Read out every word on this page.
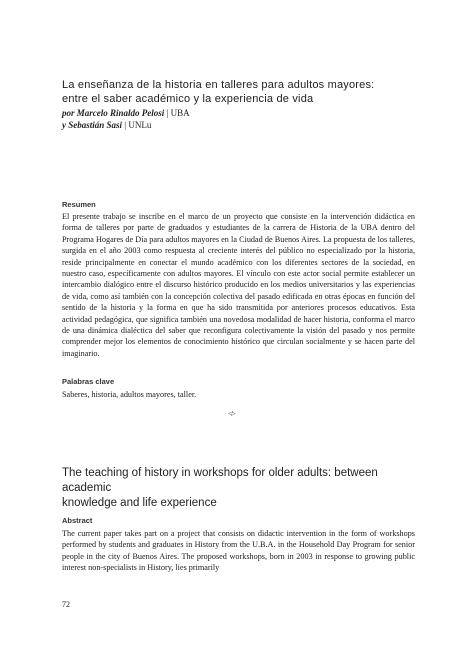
La enseñanza de la historia en talleres para adultos mayores:
entre el saber académico y la experiencia de vida
por Marcelo Rinaldo Pelosi | UBA
y Sebastián Sasi | UNLu
Resumen
El presente trabajo se inscribe en el marco de un proyecto que consiste en la intervención didáctica en forma de talleres por parte de graduados y estudiantes de la carrera de Historia de la UBA dentro del Programa Hogares de Día para adultos mayores en la Ciudad de Buenos Aires. La propuesta de los talleres, surgida en el año 2003 como respuesta al creciente interés del público no especializado por la historia, reside principalmente en conectar el mundo académico con los diferentes sectores de la sociedad, en nuestro caso, específicamente con adultos mayores. El vínculo con este actor social permite establecer un intercambio dialógico entre el discurso histórico producido en los medios universitarios y las experiencias de vida, como así también con la concepción colectiva del pasado edificada en otras épocas en función del sentido de la historia y la forma en que ha sido transmitida por anteriores procesos educativos. Esta actividad pedagógica, que significa también una novedosa modalidad de hacer historia, conforma el marco de una dinámica dialéctica del saber que reconfigura colectivamente la visión del pasado y nos permite comprender mejor los elementos de conocimiento histórico que circulan socialmente y se hacen parte del imaginario.
Palabras clave
Saberes, historia, adultos mayores, taller.
</>
The teaching of history in workshops for older adults: between academic
knowledge and life experience
Abstract
The current paper takes part on a project that consists on didactic intervention in the form of workshops performed by students and graduates in History from the U.B.A. in the Household Day Program for senior people in the city of Buenos Aires. The proposed workshops, born in 2003 in response to growing public interest non-specialists in History, lies primarily
72
